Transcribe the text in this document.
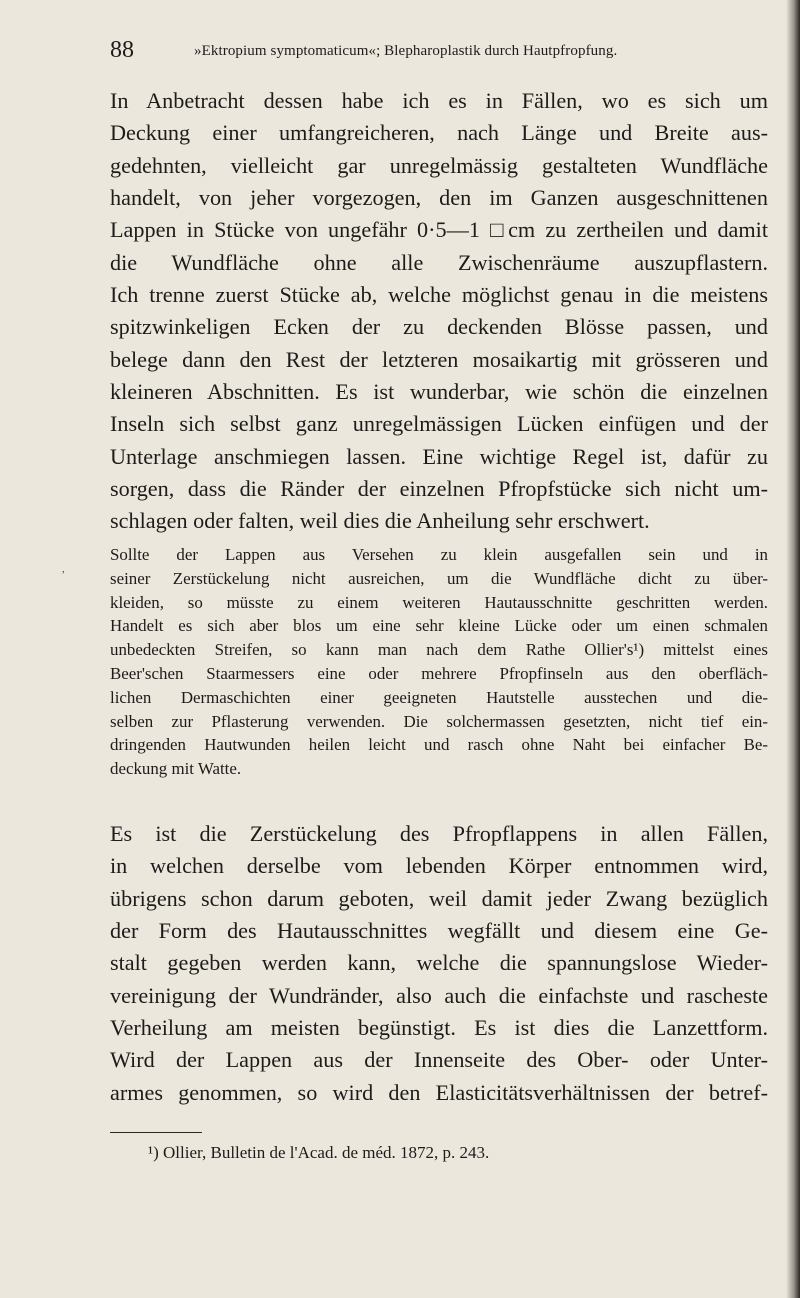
88	»Ektropium symptomaticum«; Blepharoplastik durch Hautpfropfung.
,
In Anbetracht dessen habe ich es in Fällen, wo es sich um
Deckung einer umfangreicheren, nach Länge und Breite aus-
gedehnten, vielleicht gar unregelmässig gestalteten Wundfläche
handelt, von jeher vorgezogen, den im Ganzen ausgeschnittenen
Lappen in Stücke von ungefähr 0·5—1 □cm zu zertheilen und damit
die Wundfläche ohne alle Zwischenräume auszupflastern.
Ich trenne zuerst Stücke ab, welche möglichst genau in die meistens
spitzwinkeligen Ecken der zu deckenden Blösse passen, und
belege dann den Rest der letzteren mosaikartig mit grösseren und
kleineren Abschnitten. Es ist wunderbar, wie schön die einzelnen
Inseln sich selbst ganz unregelmässigen Lücken einfügen und der
Unterlage anschmiegen lassen. Eine wichtige Regel ist, dafür zu
sorgen, dass die Ränder der einzelnen Pfropfstücke sich nicht um-
schlagen oder falten, weil dies die Anheilung sehr erschwert.
Sollte der Lappen aus Versehen zu klein ausgefallen sein und in
seiner Zerstückelung nicht ausreichen, um die Wundfläche dicht zu über-
kleiden, so müsste zu einem weiteren Hautausschnitte geschritten werden.
Handelt es sich aber blos um eine sehr kleine Lücke oder um einen schmalen
unbedeckten Streifen, so kann man nach dem Rathe Ollier's¹) mittelst eines
Beer'schen Staarmessers eine oder mehrere Pfropfinseln aus den oberfläch-
lichen Dermaschichten einer geeigneten Hautstelle ausstechen und die-
selben zur Pflasterung verwenden. Die solchermassen gesetzten, nicht tief ein-
dringenden Hautwunden heilen leicht und rasch ohne Naht bei einfacher Be-
deckung mit Watte.
Es ist die Zerstückelung des Pfropflappens in allen Fällen,
in welchen derselbe vom lebenden Körper entnommen wird,
übrigens schon darum geboten, weil damit jeder Zwang bezüglich
der Form des Hautausschnittes wegfällt und diesem eine Ge-
stalt gegeben werden kann, welche die spannungslose Wieder-
vereinigung der Wundränder, also auch die einfachste und rascheste
Verheilung am meisten begünstigt. Es ist dies die Lanzettform.
Wird der Lappen aus der Innenseite des Ober- oder Unter-
armes genommen, so wird den Elasticitätsverhältnissen der betref-
¹) Ollier, Bulletin de l'Acad. de méd. 1872, p. 243.
